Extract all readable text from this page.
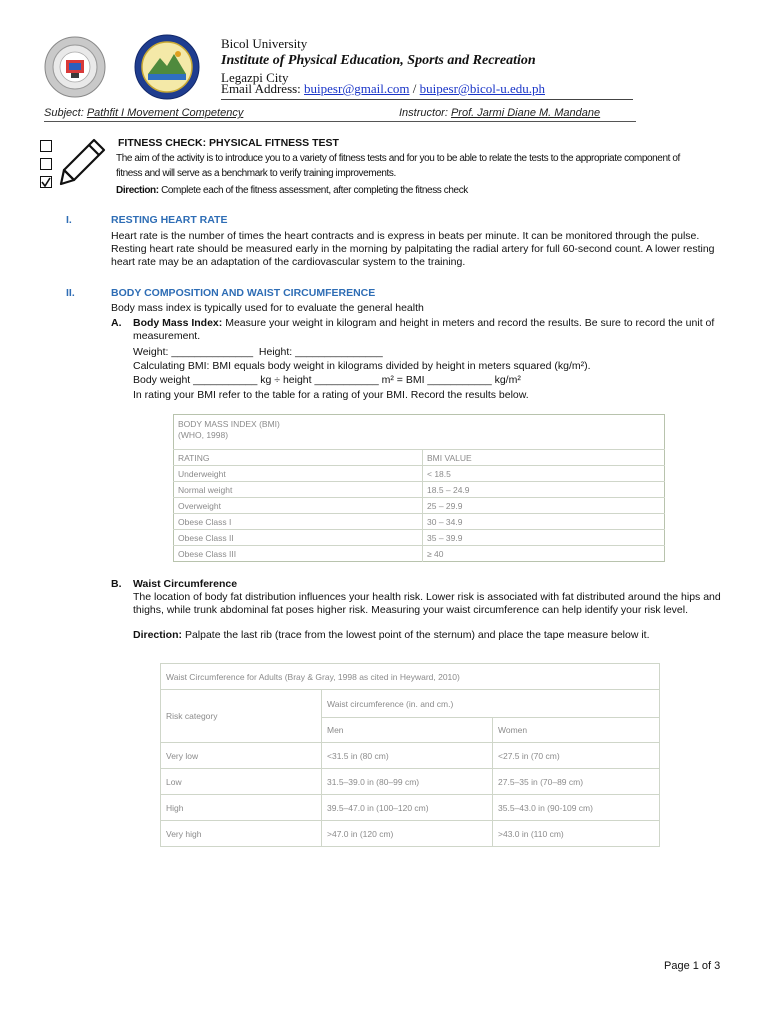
Bicol University
Institute of Physical Education, Sports and Recreation
Legazpi City
Email Address: buipesr@gmail.com / buipesr@bicol-u.edu.ph
Subject: Pathfit I Movement Competency	Instructor: Prof. Jarmi Diane M. Mandane
FITNESS CHECK: PHYSICAL FITNESS TEST
The aim of the activity is to introduce you to a variety of fitness tests and for you to be able to relate the tests to the appropriate component of fitness and will serve as a benchmark to verify training improvements.
Direction: Complete each of the fitness assessment, after completing the fitness check
I.	RESTING HEART RATE
Heart rate is the number of times the heart contracts and is express in beats per minute. It can be monitored through the pulse. Resting heart rate should be measured early in the morning by palpitating the radial artery for full 60-second count. A lower resting heart rate may be an adaptation of the cardiovascular system to the training.
II.	BODY COMPOSITION AND WAIST CIRCUMFERENCE
Body mass index is typically used for to evaluate the general health
A. Body Mass Index: Measure your weight in kilogram and height in meters and record the results. Be sure to record the unit of measurement.
Weight: ______________  Height: _______________
Calculating BMI: BMI equals body weight in kilograms divided by height in meters squared (kg/m²).
Body weight ___________ kg ÷ height ___________ m² = BMI ___________ kg/m²
In rating your BMI refer to the table for a rating of your BMI. Record the results below.
BODY MASS INDEX (BMI)
(WHO, 1998)	

RATING	BMI VALUE
Underweight	< 18.5
Normal weight	18.5 – 24.9
Overweight	25 – 29.9
Obese Class I	30 – 34.9
Obese Class II	35 – 39.9
Obese Class III	≥ 40
B. Waist Circumference
The location of body fat distribution influences your health risk. Lower risk is associated with fat distributed around the hips and thighs, while trunk abdominal fat poses higher risk. Measuring your waist circumference can help identify your risk level.
Direction: Palpate the last rib (trace from the lowest point of the sternum) and place the tape measure below it.
Waist Circumference for Adults (Bray & Gray, 1998 as cited in Heyward, 2010)		
Risk category	Waist circumference (in. and cm.)	
	Men	Women
Very low	<31.5 in (80 cm)	<27.5 in (70 cm)
Low	31.5–39.0 in (80–99 cm)	27.5–35 in (70–89 cm)
High	39.5–47.0 in (100–120 cm)	35.5–43.0 in (90-109 cm)
Very high	>47.0 in (120 cm)	>43.0 in (110 cm)
Page 1 of 3
